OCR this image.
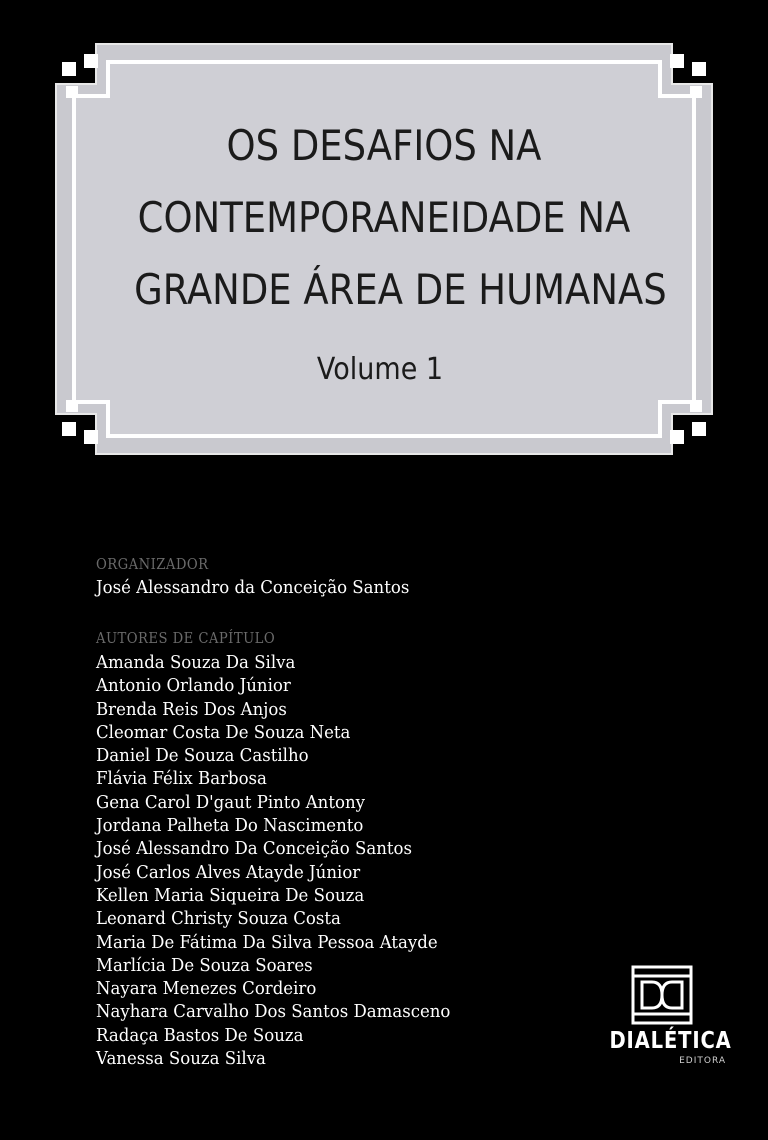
OS DESAFIOS NA
CONTEMPORANEIDADE NA
GRANDE ÁREA DE HUMANAS
Volume 1
ORGANIZADOR
José Alessandro da Conceição Santos
AUTORES DE CAPÍTULO
Amanda Souza Da Silva
Antonio Orlando Júnior
Brenda Reis Dos Anjos
Cleomar Costa De Souza Neta
Daniel De Souza Castilho
Flávia Félix Barbosa
Gena Carol D'gaut Pinto Antony
Jordana Palheta Do Nascimento
José Alessandro Da Conceição Santos
José Carlos Alves Atayde Júnior
Kellen Maria Siqueira De Souza
Leonard Christy Souza Costa
Maria De Fátima Da Silva Pessoa Atayde
Marlícia De Souza Soares
Nayara Menezes Cordeiro
Nayhara Carvalho Dos Santos Damasceno
Radaça Bastos De Souza
Vanessa Souza Silva
DIALÉTICA
EDITORA
